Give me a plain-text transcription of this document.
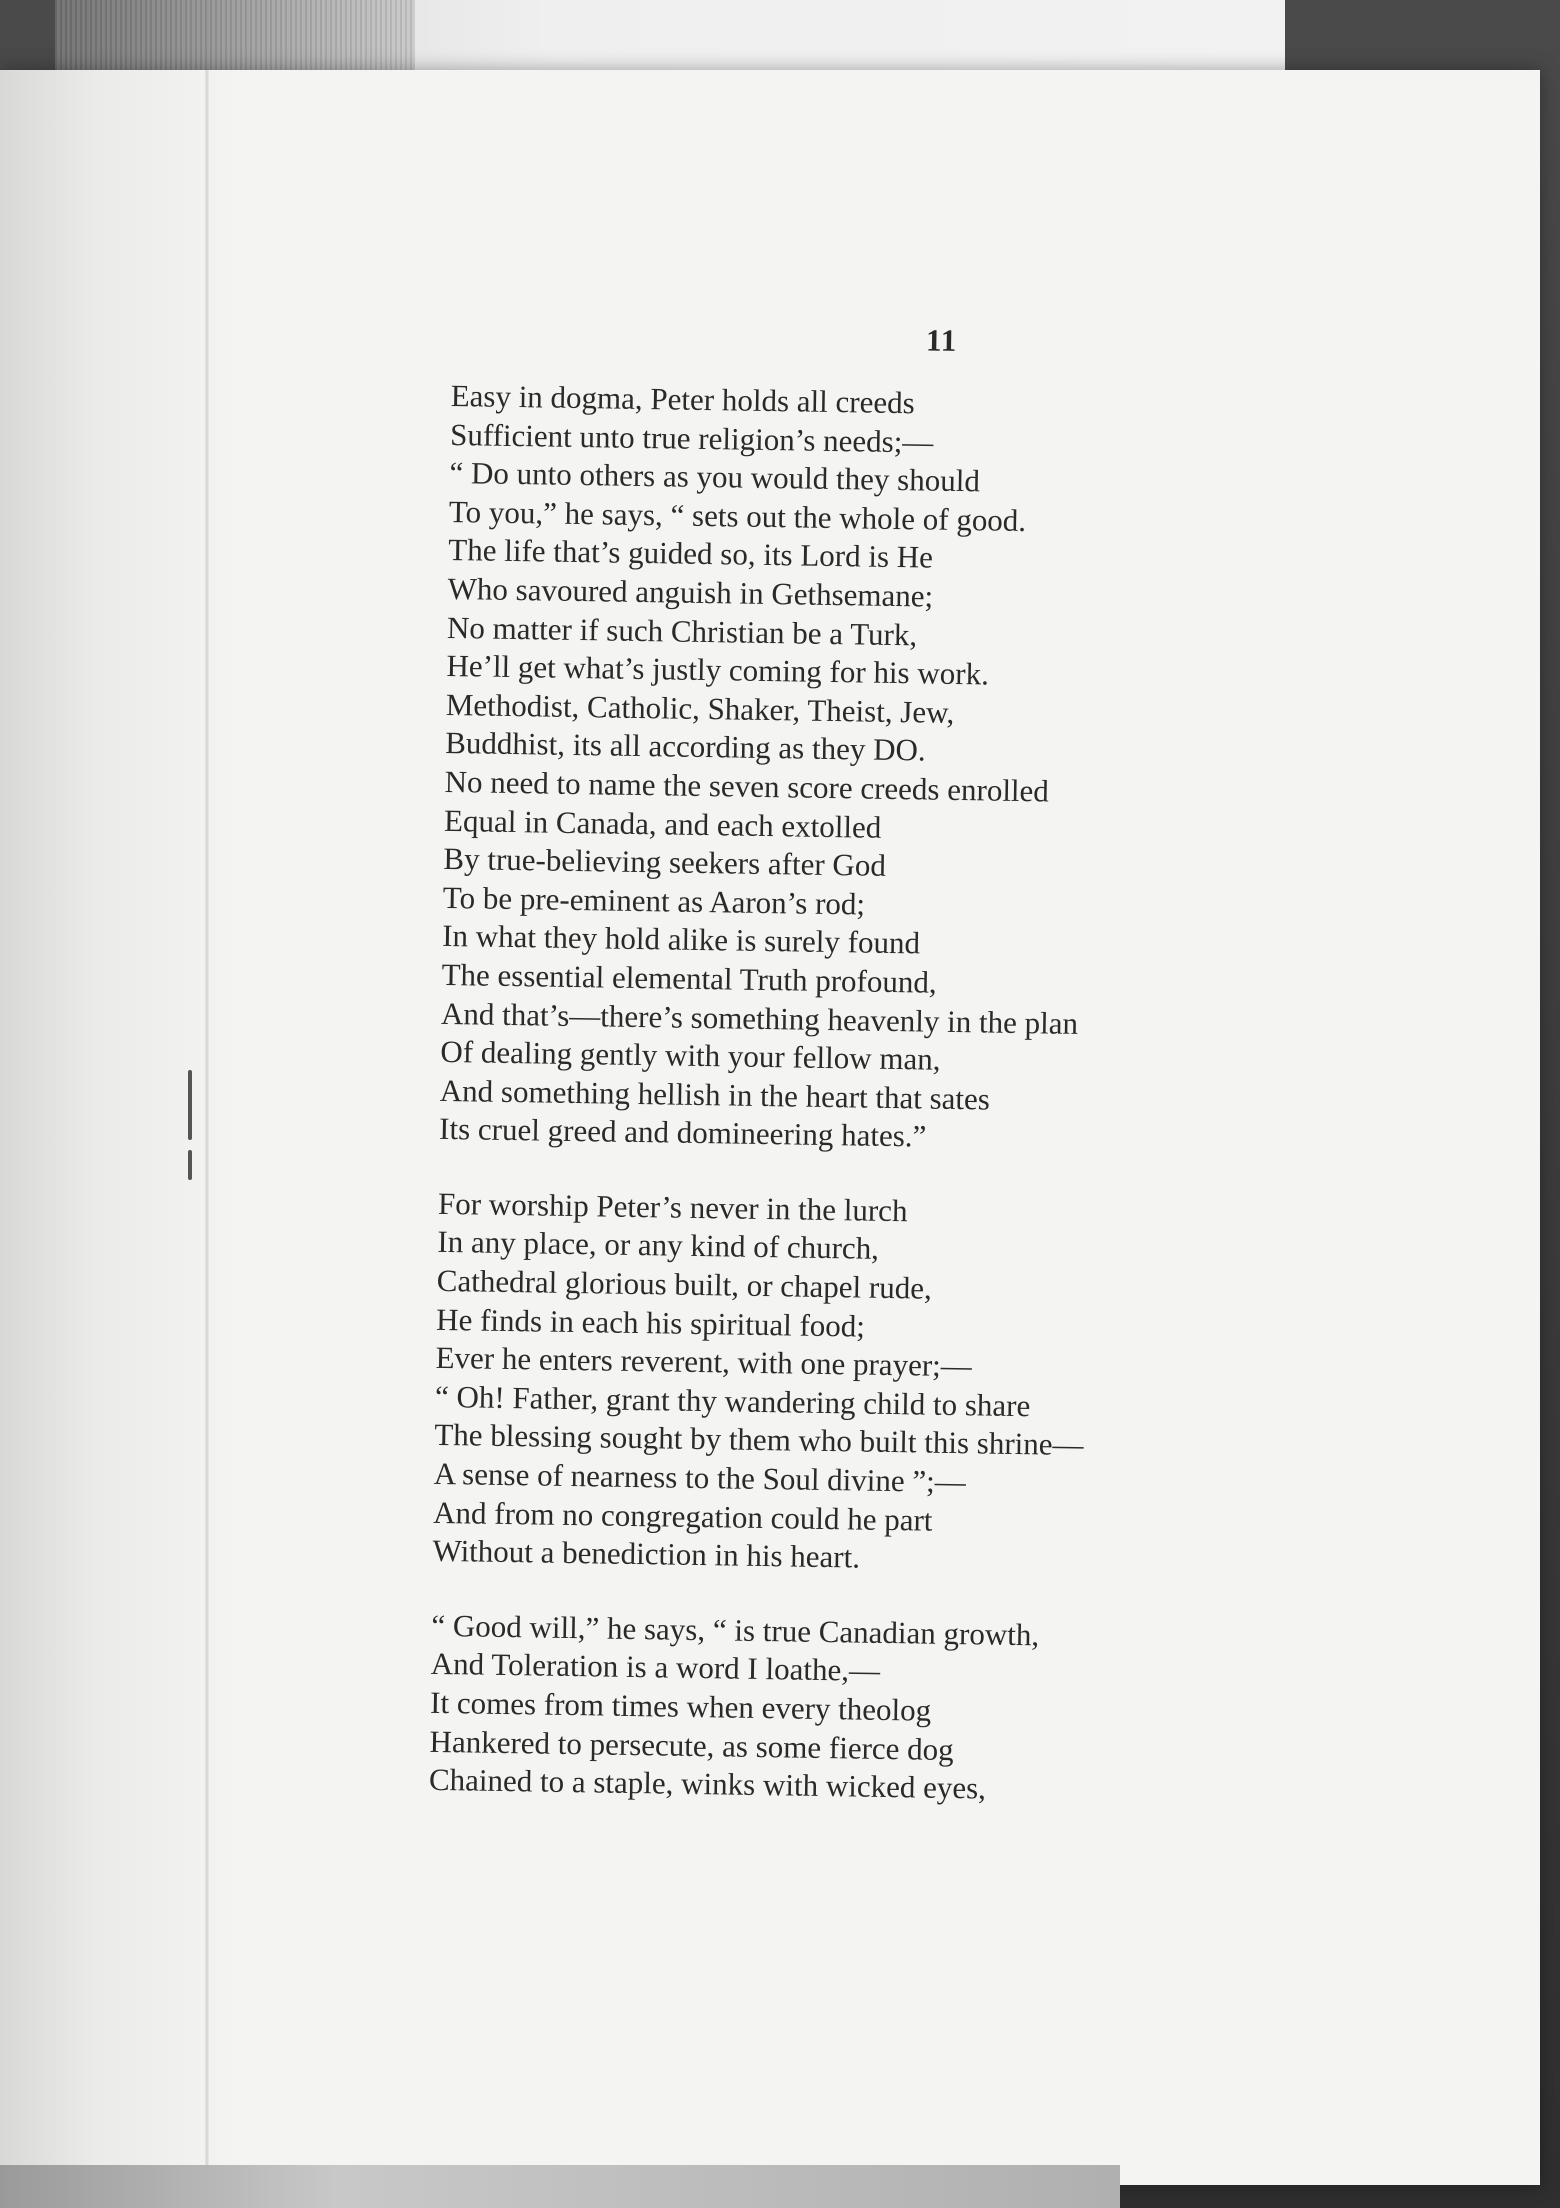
11
Easy in dogma, Peter holds all creeds
Sufficient unto true religion’s needs;—
“ Do unto others as you would they should
To you,” he says, “ sets out the whole of good.
The life that’s guided so, its Lord is He
Who savoured anguish in Gethsemane;
No matter if such Christian be a Turk,
He’ll get what’s justly coming for his work.
Methodist, Catholic, Shaker, Theist, Jew,
Buddhist, its all according as they DO.
No need to name the seven score creeds enrolled
Equal in Canada, and each extolled
By true-believing seekers after God
To be pre-eminent as Aaron’s rod;
In what they hold alike is surely found
The essential elemental Truth profound,
And that’s—there’s something heavenly in the plan
Of dealing gently with your fellow man,
And something hellish in the heart that sates
Its cruel greed and domineering hates.”
For worship Peter’s never in the lurch
In any place, or any kind of church,
Cathedral glorious built, or chapel rude,
He finds in each his spiritual food;
Ever he enters reverent, with one prayer;—
“ Oh! Father, grant thy wandering child to share
The blessing sought by them who built this shrine—
A sense of nearness to the Soul divine ”;—
And from no congregation could he part
Without a benediction in his heart.
“ Good will,” he says, “ is true Canadian growth,
And Toleration is a word I loathe,—
It comes from times when every theolog
Hankered to persecute, as some fierce dog
Chained to a staple, winks with wicked eyes,
